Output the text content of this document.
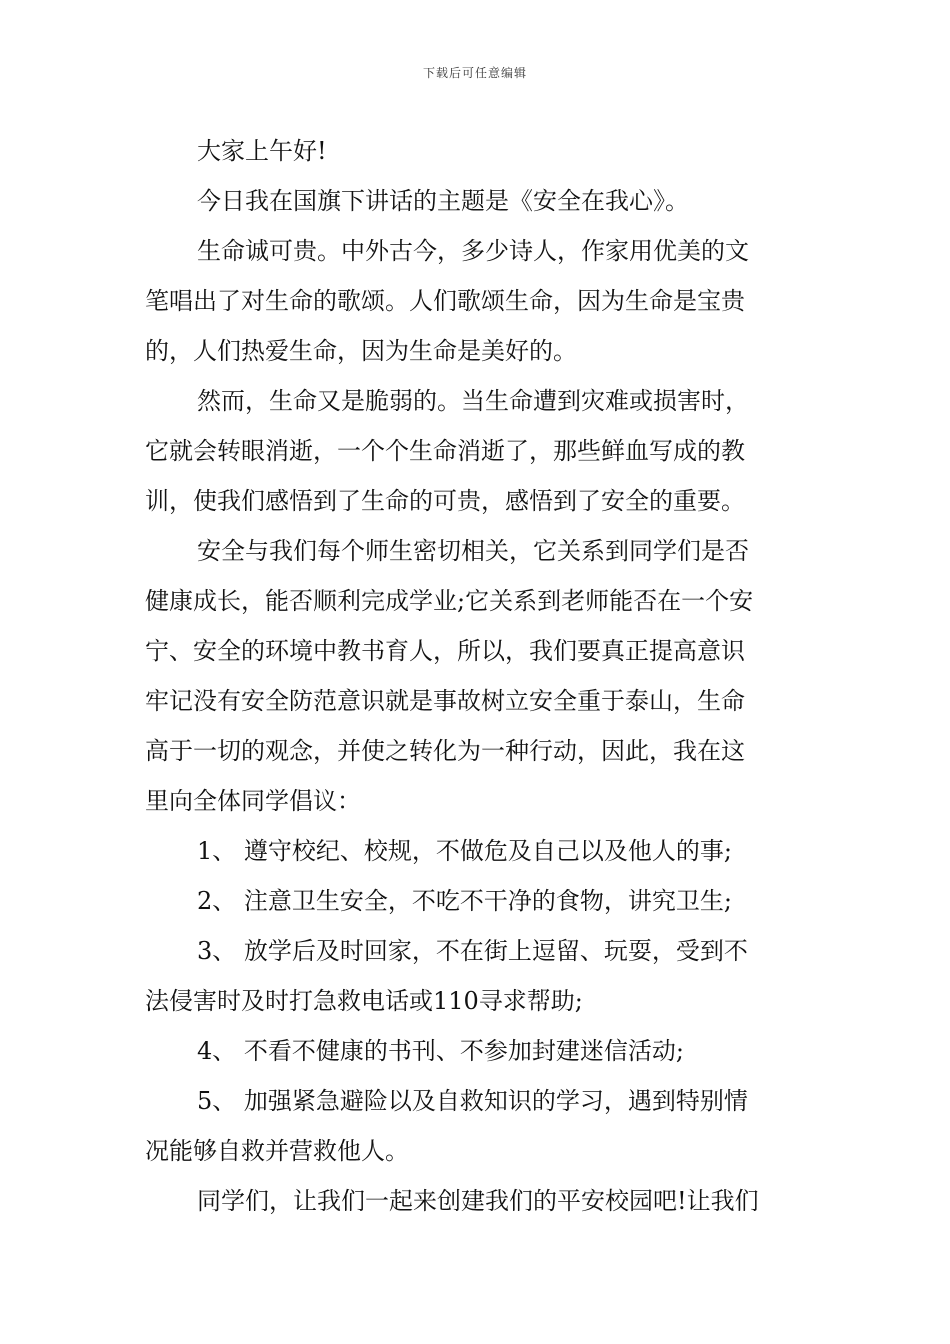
下载后可任意编辑

大家上午好!

今日我在国旗下讲话的主题是《安全在我心》。

生命诚可贵。中外古今，多少诗人，作家用优美的文
笔唱出了对生命的歌颂。人们歌颂生命，因为生命是宝贵
的，人们热爱生命，因为生命是美好的。

然而，生命又是脆弱的。当生命遭到灾难或损害时，
它就会转眼消逝，一个个生命消逝了，那些鲜血写成的教
训，使我们感悟到了生命的可贵，感悟到了安全的重要。

安全与我们每个师生密切相关，它关系到同学们是否
健康成长，能否顺利完成学业;它关系到老师能否在一个安
宁、安全的环境中教书育人，所以，我们要真正提高意识
牢记没有安全防范意识就是事故树立安全重于泰山，生命
高于一切的观念，并使之转化为一种行动，因此，我在这
里向全体同学倡议：

1、 遵守校纪、校规，不做危及自己以及他人的事;

2、 注意卫生安全，不吃不干净的食物，讲究卫生;

3、 放学后及时回家，不在街上逗留、玩耍，受到不
法侵害时及时打急救电话或110寻求帮助;

4、 不看不健康的书刊、不参加封建迷信活动;

5、 加强紧急避险以及自救知识的学习，遇到特别情
况能够自救并营救他人。

同学们，让我们一起来创建我们的平安校园吧!让我们
